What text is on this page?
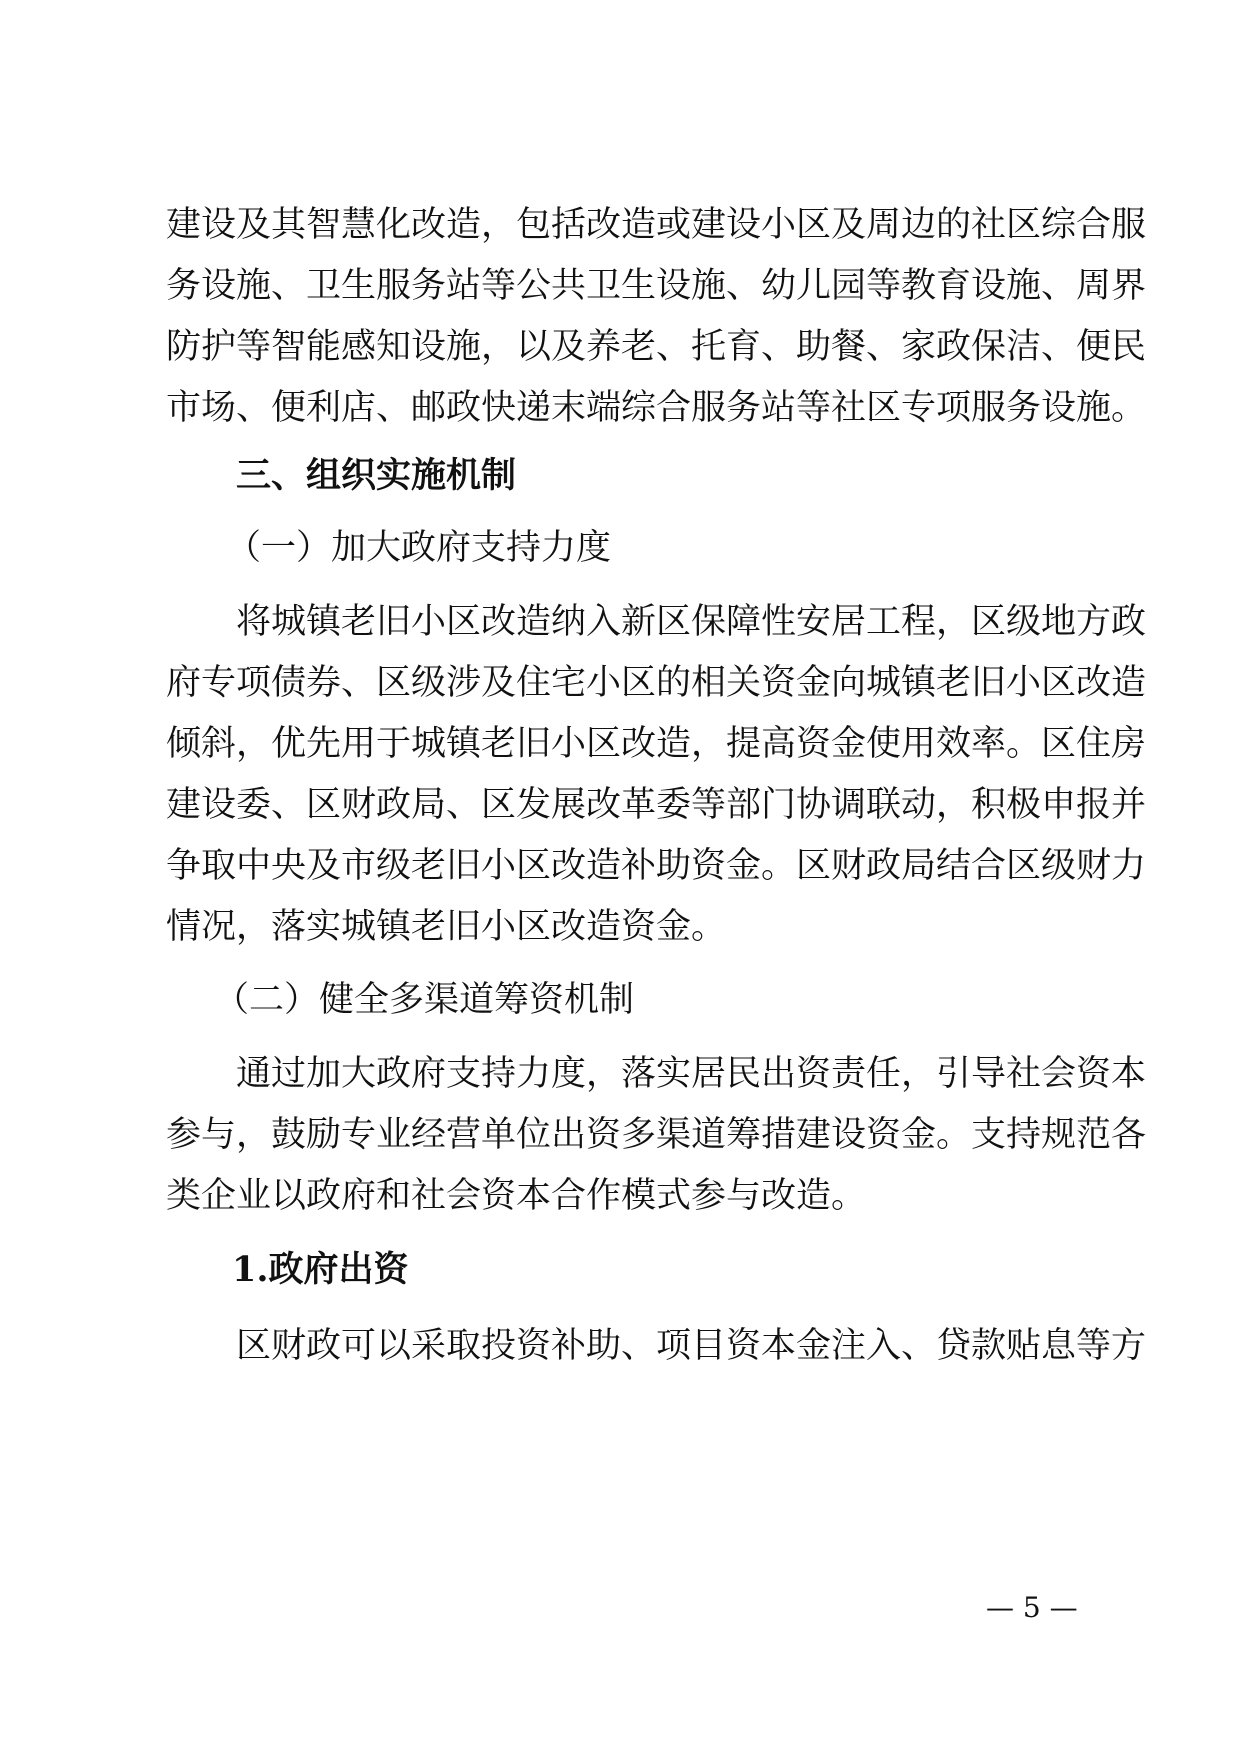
建设及其智慧化改造，包括改造或建设小区及周边的社区综合服
务设施、卫生服务站等公共卫生设施、幼儿园等教育设施、周界
防护等智能感知设施，以及养老、托育、助餐、家政保洁、便民
市场、便利店、邮政快递末端综合服务站等社区专项服务设施。
三、组织实施机制
（一）加大政府支持力度
将城镇老旧小区改造纳入新区保障性安居工程，区级地方政
府专项债券、区级涉及住宅小区的相关资金向城镇老旧小区改造
倾斜，优先用于城镇老旧小区改造，提高资金使用效率。区住房
建设委、区财政局、区发展改革委等部门协调联动，积极申报并
争取中央及市级老旧小区改造补助资金。区财政局结合区级财力
情况，落实城镇老旧小区改造资金。
（二）健全多渠道筹资机制
通过加大政府支持力度，落实居民出资责任，引导社会资本
参与，鼓励专业经营单位出资多渠道筹措建设资金。支持规范各
类企业以政府和社会资本合作模式参与改造。
1.政府出资
区财政可以采取投资补助、项目资本金注入、贷款贴息等方
— 5 —
